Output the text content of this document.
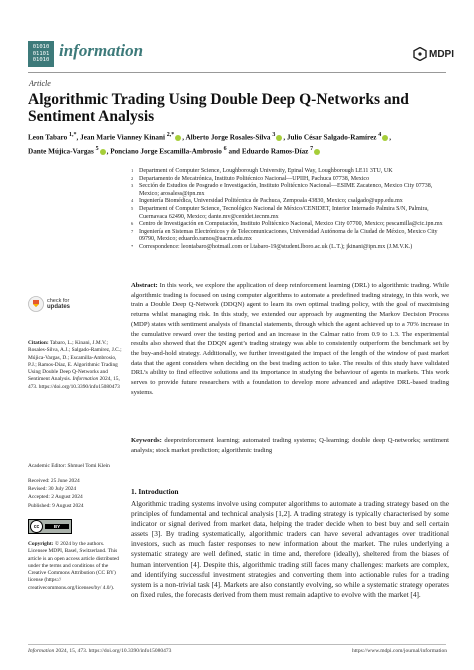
01010
01101
01010
information	MDPI
Article
Algorithmic Trading Using Double Deep Q-Networks and Sentiment Analysis
Leon Tabaro $^{1,*}$, Jean Marie Vianney Kinani $^{2,*}$ , Alberto Jorge Rosales-Silva $^3$ , Julio César Salgado-Ramírez $^4$ ,
Dante Mújica-Vargas $^5$ , Ponciano Jorge Escamilla-Ambrosio $^6$ and Eduardo Ramos-Díaz $^7$
1 Department of Computer Science, Loughborough University, Epinal Way, Loughborough LE11 3TU, UK
2 Departamento de Mecatrónica, Instituto Politécnico Nacional—UPIIH, Pachuca 07738, Mexico
3 Sección de Estudios de Posgrado e Investigación, Instituto Politécnico Nacional—ESIME Zacatenco, Mexico City 07738, Mexico; arosaless@ipn.mx
4 Ingeniería Biomédica, Universidad Politécnica de Pachuca, Zempoala 43830, Mexico; csalgado@upp.edu.mx
5 Department of Computer Science, Tecnológico Nacional de México/CENIDET, Interior Internado Palmira S/N, Palmira, Cuernavaca 62490, Mexico; dante.mv@cenidet.tecnm.mx
6 Centro de Investigación en Computación, Instituto Politécnico Nacional, Mexico City 07700, Mexico; pescamilla@cic.ipn.mx
7 Ingeniería en Sistemas Electrónicos y de Telecomunicaciones, Universidad Autónoma de la Ciudad de México, Mexico City 09790, Mexico; eduardo.ramos@uacm.edu.mx
* Correspondence: leontabaro@hotmail.com or l.tabaro-19@student.lboro.ac.uk (L.T.); jkinani@ipn.mx (J.M.V.K.)
Abstract: In this work, we explore the application of deep reinforcement learning (DRL) to algorithmic trading. While algorithmic trading is focused on using computer algorithms to automate a predefined trading strategy, in this work, we train a Double Deep Q-Network (DDQN) agent to learn its own optimal trading policy, with the goal of maximising returns whilst managing risk. In this study, we extended our approach by augmenting the Markov Decision Process (MDP) states with sentiment analysis of financial statements, through which the agent achieved up to a 70% increase in the cumulative reward over the testing period and an increase in the Calmar ratio from 0.9 to 1.3. The experimental results also showed that the DDQN agent’s trading strategy was able to consistently outperform the benchmark set by the buy-and-hold strategy. Additionally, we further investigated the impact of the length of the window of past market data that the agent considers when deciding on the best trading action to take. The results of this study have validated DRL’s ability to find effective solutions and its importance in studying the behaviour of agents in markets. This work serves to provide future researchers with a foundation to develop more advanced and adaptive DRL-based trading systems.
Keywords: deepreinforcement learning; automated trading systems; Q-learning; double deep Q-networks; sentiment analysis; stock market prediction; algorithmic trading
check for
updates
Citation: Tabaro, L.; Kinani, J.M.V.; Rosales-Silva, A.J.; Salgado-Ramírez, J.C.; Mújica-Vargas, D.; Escamilla-Ambrosio, P.J.; Ramos-Díaz, E. Algorithmic Trading Using Double Deep Q-Networks and Sentiment Analysis. Information 2024, 15, 473. https://doi.org/10.3390/info15080473
Academic Editor: Shmuel Tomi Klein
Received: 25 June 2024
Revised: 30 July 2024
Accepted: 2 August 2024
Published: 9 August 2024
cc	BY
Copyright: © 2024 by the authors. Licensee MDPI, Basel, Switzerland. This article is an open access article distributed under the terms and conditions of the Creative Commons Attribution (CC BY) license (https:// creativecommons.org/licenses/by/ 4.0/).
1. Introduction
Algorithmic trading systems involve using computer algorithms to automate a trading strategy based on the principles of fundamental and technical analysis [1,2]. A trading strategy is typically characterised by some indicator or signal derived from market data, helping the trader decide when to best buy and sell certain assets [3]. By trading systematically, algorithmic traders can have several advantages over traditional investors, such as much faster responses to new information about the market. The rules underlying a systematic strategy are well defined, static in time and, therefore (ideally), sheltered from the biases of human intervention [4]. Despite this, algorithmic trading still faces many challenges: markets are complex, and identifying successful investment strategies and converting them into actionable rules for a trading system is a non-trivial task [4]. Markets are also constantly evolving, so while a systematic strategy operates on fixed rules, the forecasts derived from them must remain adaptive to evolve with the market [4].
Information 2024, 15, 473. https://doi.org/10.3390/info15080473	https://www.mdpi.com/journal/information
